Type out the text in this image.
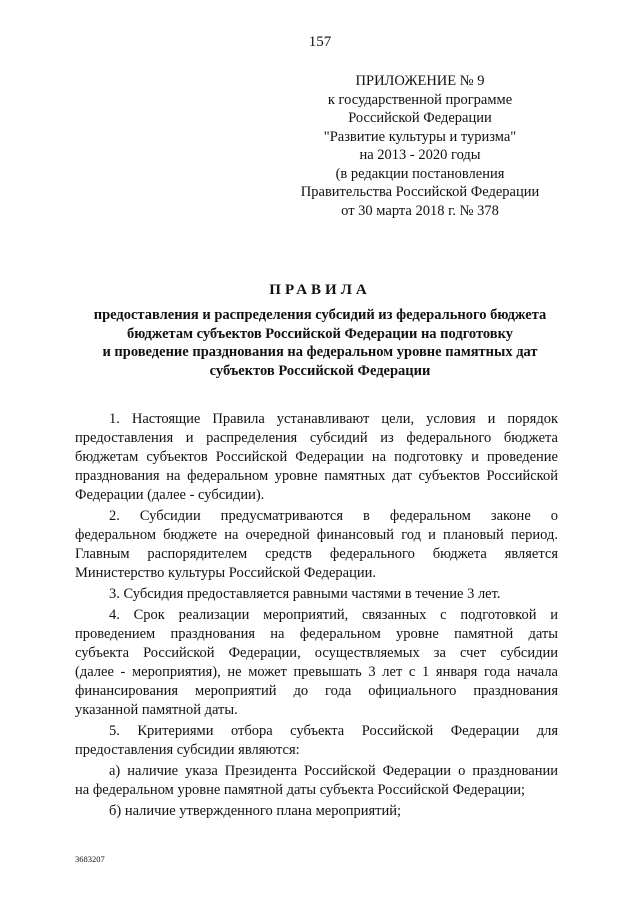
157
ПРИЛОЖЕНИЕ № 9
к государственной программе
Российской Федерации
"Развитие культуры и туризма"
на 2013 - 2020 годы
(в редакции постановления
Правительства Российской Федерации
от 30 марта 2018 г. № 378
ПРАВИЛА
предоставления и распределения субсидий из федерального бюджета
бюджетам субъектов Российской Федерации на подготовку
и проведение празднования на федеральном уровне памятных дат
субъектов Российской Федерации
1. Настоящие Правила устанавливают цели, условия и порядок
предоставления и распределения субсидий из федерального бюджета
бюджетам субъектов Российской Федерации на подготовку и проведение
празднования на федеральном уровне памятных дат субъектов Российской
Федерации (далее - субсидии).
2. Субсидии предусматриваются в федеральном законе о
федеральном бюджете на очередной финансовый год и плановый период.
Главным распорядителем средств федерального бюджета является
Министерство культуры Российской Федерации.
3. Субсидия предоставляется равными частями в течение 3 лет.
4. Срок реализации мероприятий, связанных с подготовкой и
проведением празднования на федеральном уровне памятной даты
субъекта Российской Федерации, осуществляемых за счет субсидии
(далее - мероприятия), не может превышать 3 лет с 1 января года начала
финансирования мероприятий до года официального празднования
указанной памятной даты.
5. Критериями отбора субъекта Российской Федерации для
предоставления субсидии являются:
а) наличие указа Президента Российской Федерации о праздновании
на федеральном уровне памятной даты субъекта Российской Федерации;
б) наличие утвержденного плана мероприятий;
3683207
